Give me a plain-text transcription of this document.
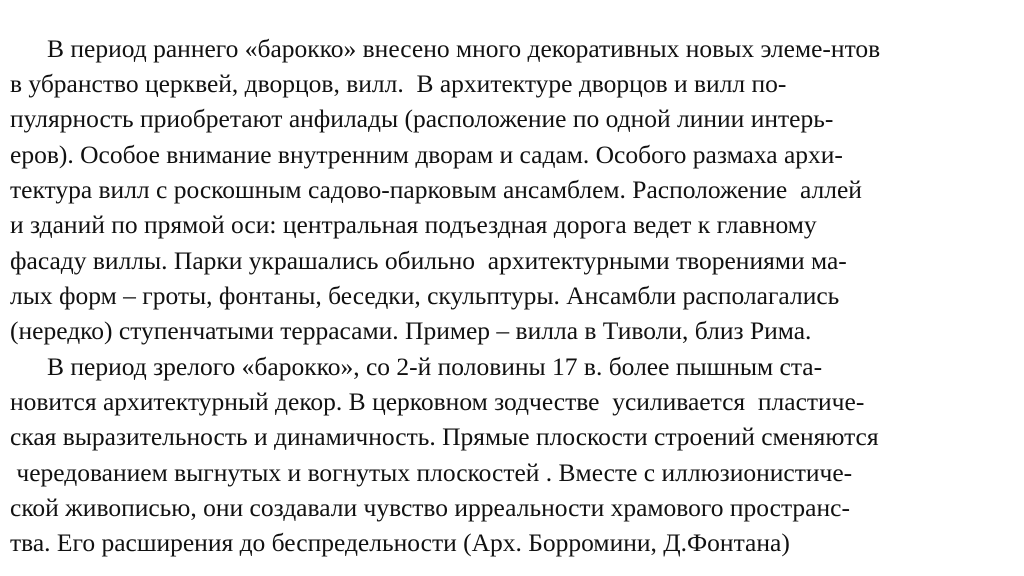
В период раннего «барокко» внесено много декоративных новых элеме-нтов
в убранство церквей, дворцов, вилл.  В архитектуре дворцов и вилл по-
пулярность приобретают анфилады (расположение по одной линии интерь-
еров). Особое внимание внутренним дворам и садам. Особого размаха архи-
тектура вилл с роскошным садово-парковым ансамблем. Расположение  аллей
и зданий по прямой оси: центральная подъездная дорога ведет к главному
фасаду виллы. Парки украшались обильно  архитектурными творениями ма-
лых форм – гроты, фонтаны, беседки, скульптуры. Ансамбли располагались
(нередко) ступенчатыми террасами. Пример – вилла в Тиволи, близ Рима.
В период зрелого «барокко», со 2-й половины 17 в. более пышным ста-
новится архитектурный декор. В церковном зодчестве  усиливается  пластиче-
ская выразительность и динамичность. Прямые плоскости строений сменяются
чередованием выгнутых и вогнутых плоскостей . Вместе с иллюзионистиче-
ской живописью, они создавали чувство ирреальности храмового пространс-
тва. Его расширения до беспредельности (Арх. Борромини, Д.Фонтана)
